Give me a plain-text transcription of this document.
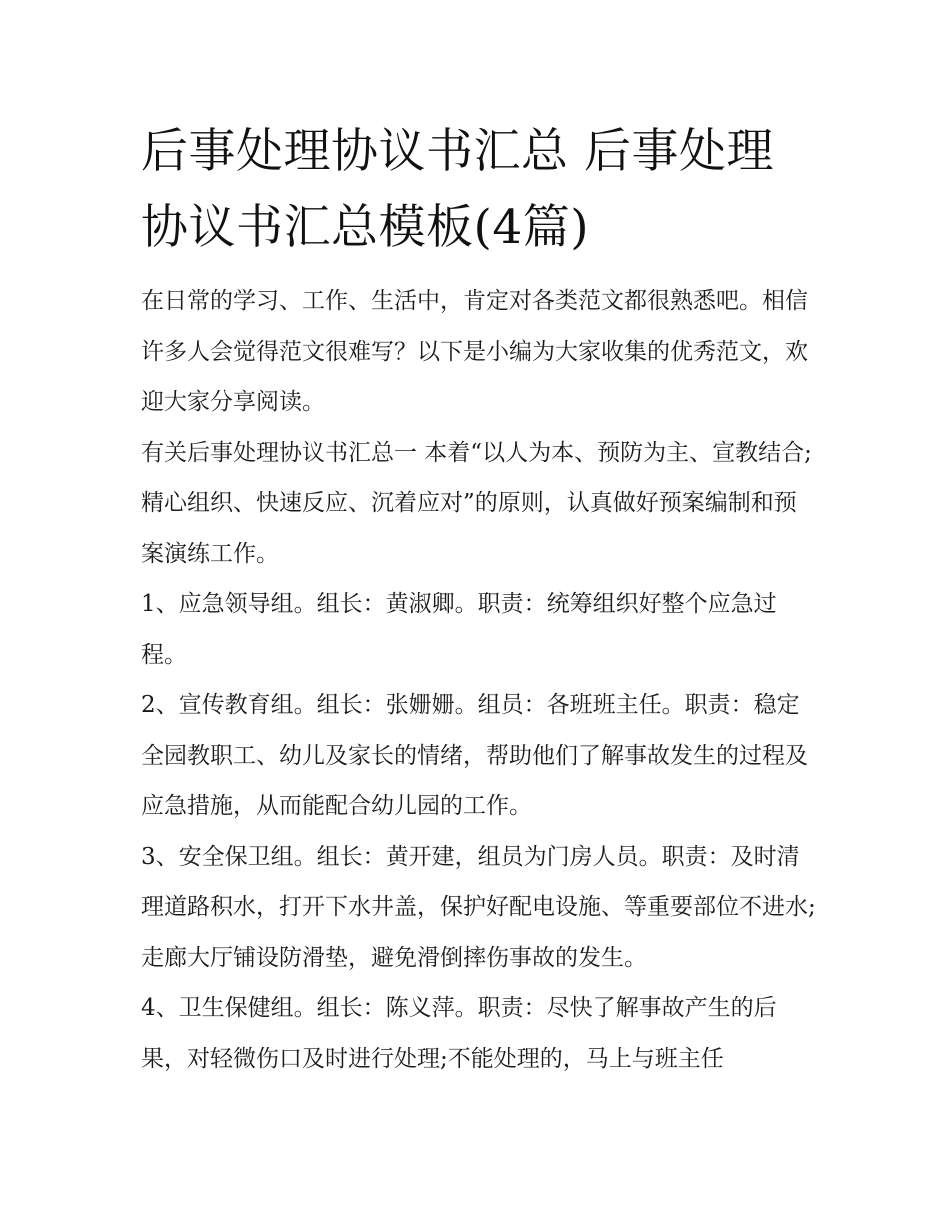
后事处理协议书汇总 后事处理协议书汇总模板(4篇)

在日常的学习、工作、生活中，肯定对各类范文都很熟悉吧。相信许多人会觉得范文很难写？以下是小编为大家收集的优秀范文，欢迎大家分享阅读。

有关后事处理协议书汇总一 本着“以人为本、预防为主、宣教结合;精心组织、快速反应、沉着应对”的原则，认真做好预案编制和预案演练工作。

1、应急领导组。组长：黄淑卿。职责：统筹组织好整个应急过程。

2、宣传教育组。组长：张姗姗。组员：各班班主任。职责：稳定全园教职工、幼儿及家长的情绪，帮助他们了解事故发生的过程及应急措施，从而能配合幼儿园的工作。

3、安全保卫组。组长：黄开建，组员为门房人员。职责：及时清理道路积水，打开下水井盖，保护好配电设施、等重要部位不进水;走廊大厅铺设防滑垫，避免滑倒摔伤事故的发生。

4、卫生保健组。组长：陈义萍。职责：尽快了解事故产生的后果，对轻微伤口及时进行处理;不能处理的，马上与班主任
